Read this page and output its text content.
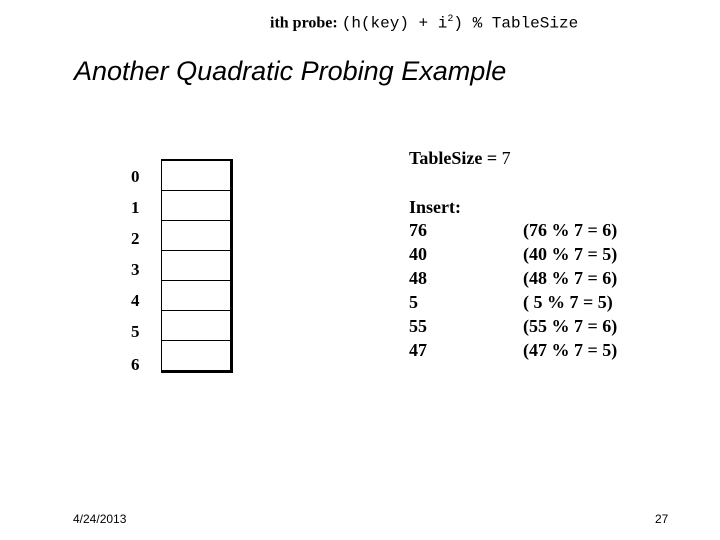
ith probe: $(h(key) + i^2)$ % TableSize
Another Quadratic Probing Example
0
1
2
3
4
5
6
TableSize = 7
Insert:
76	(76 % 7 = 6)
40	(40 % 7 = 5)
48	(48 % 7 = 6)
5	( 5 % 7 = 5)
55	(55 % 7 = 6)
47	(47 % 7 = 5)
4/24/2013	27
